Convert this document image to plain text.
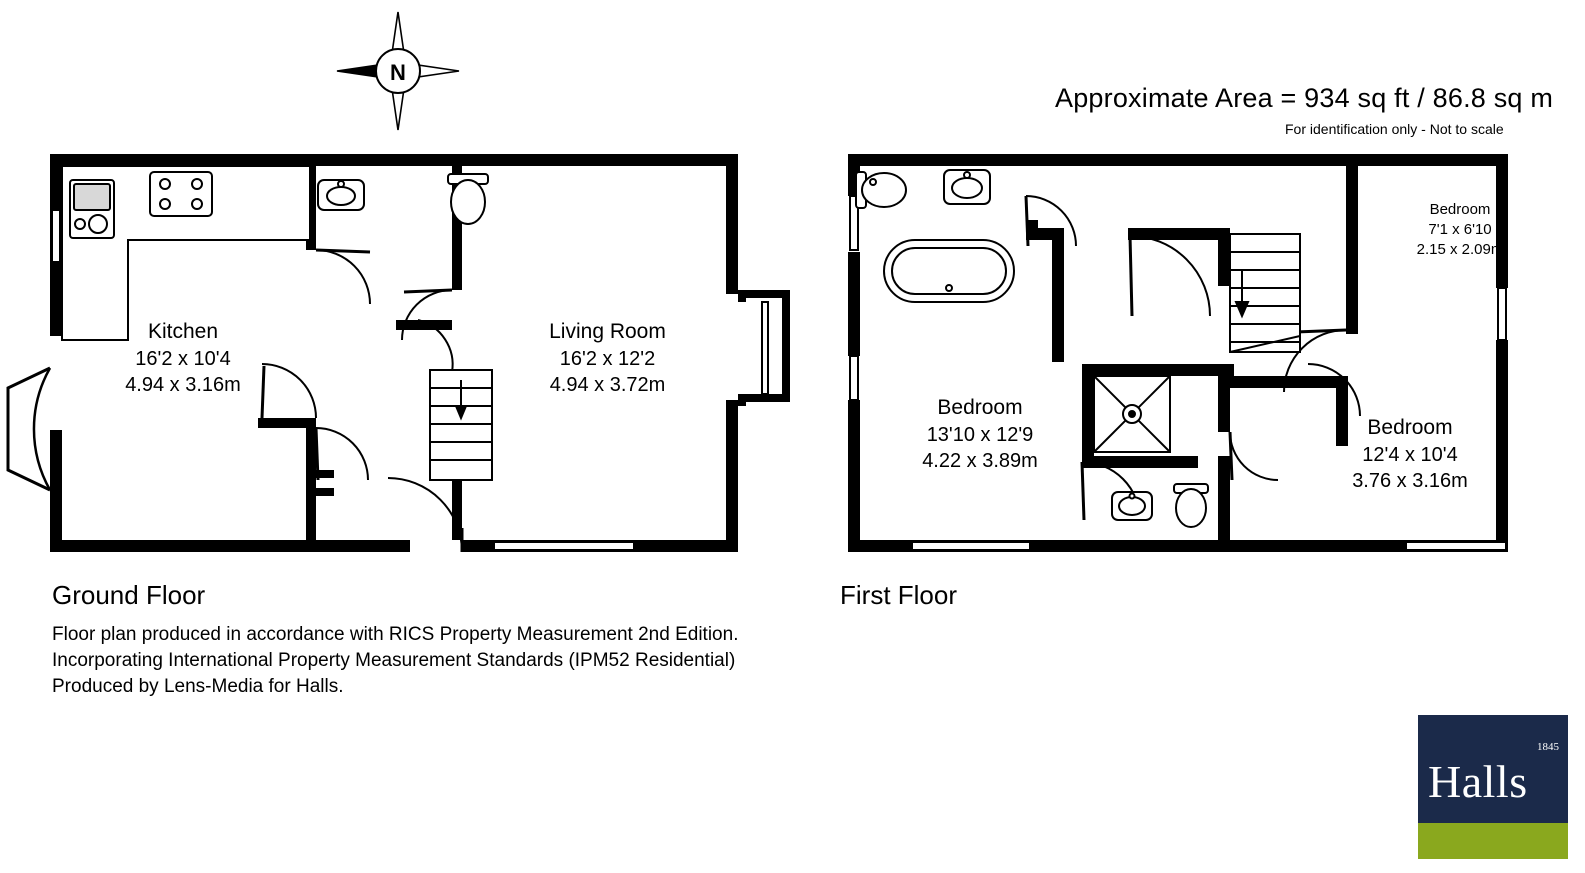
Approximate Area = 934 sq ft / 86.8 sq m
For identification only - Not to scale
N
Kitchen
16'2 x 10'4
4.94 x 3.16m
Living Room
16'2 x 12'2
4.94 x 3.72m
Bedroom
13'10 x 12'9
4.22 x 3.89m
Bedroom
12'4 x 10'4
3.76 x 3.16m
Bedroom
7'1 x 6'10
2.15 x 2.09m
Ground Floor	First Floor
Floor plan produced in accordance with RICS Property Measurement 2nd Edition. Incorporating International Property Measurement Standards (IPM52 Residential) Produced by Lens-Media for Halls.
Halls
1845
